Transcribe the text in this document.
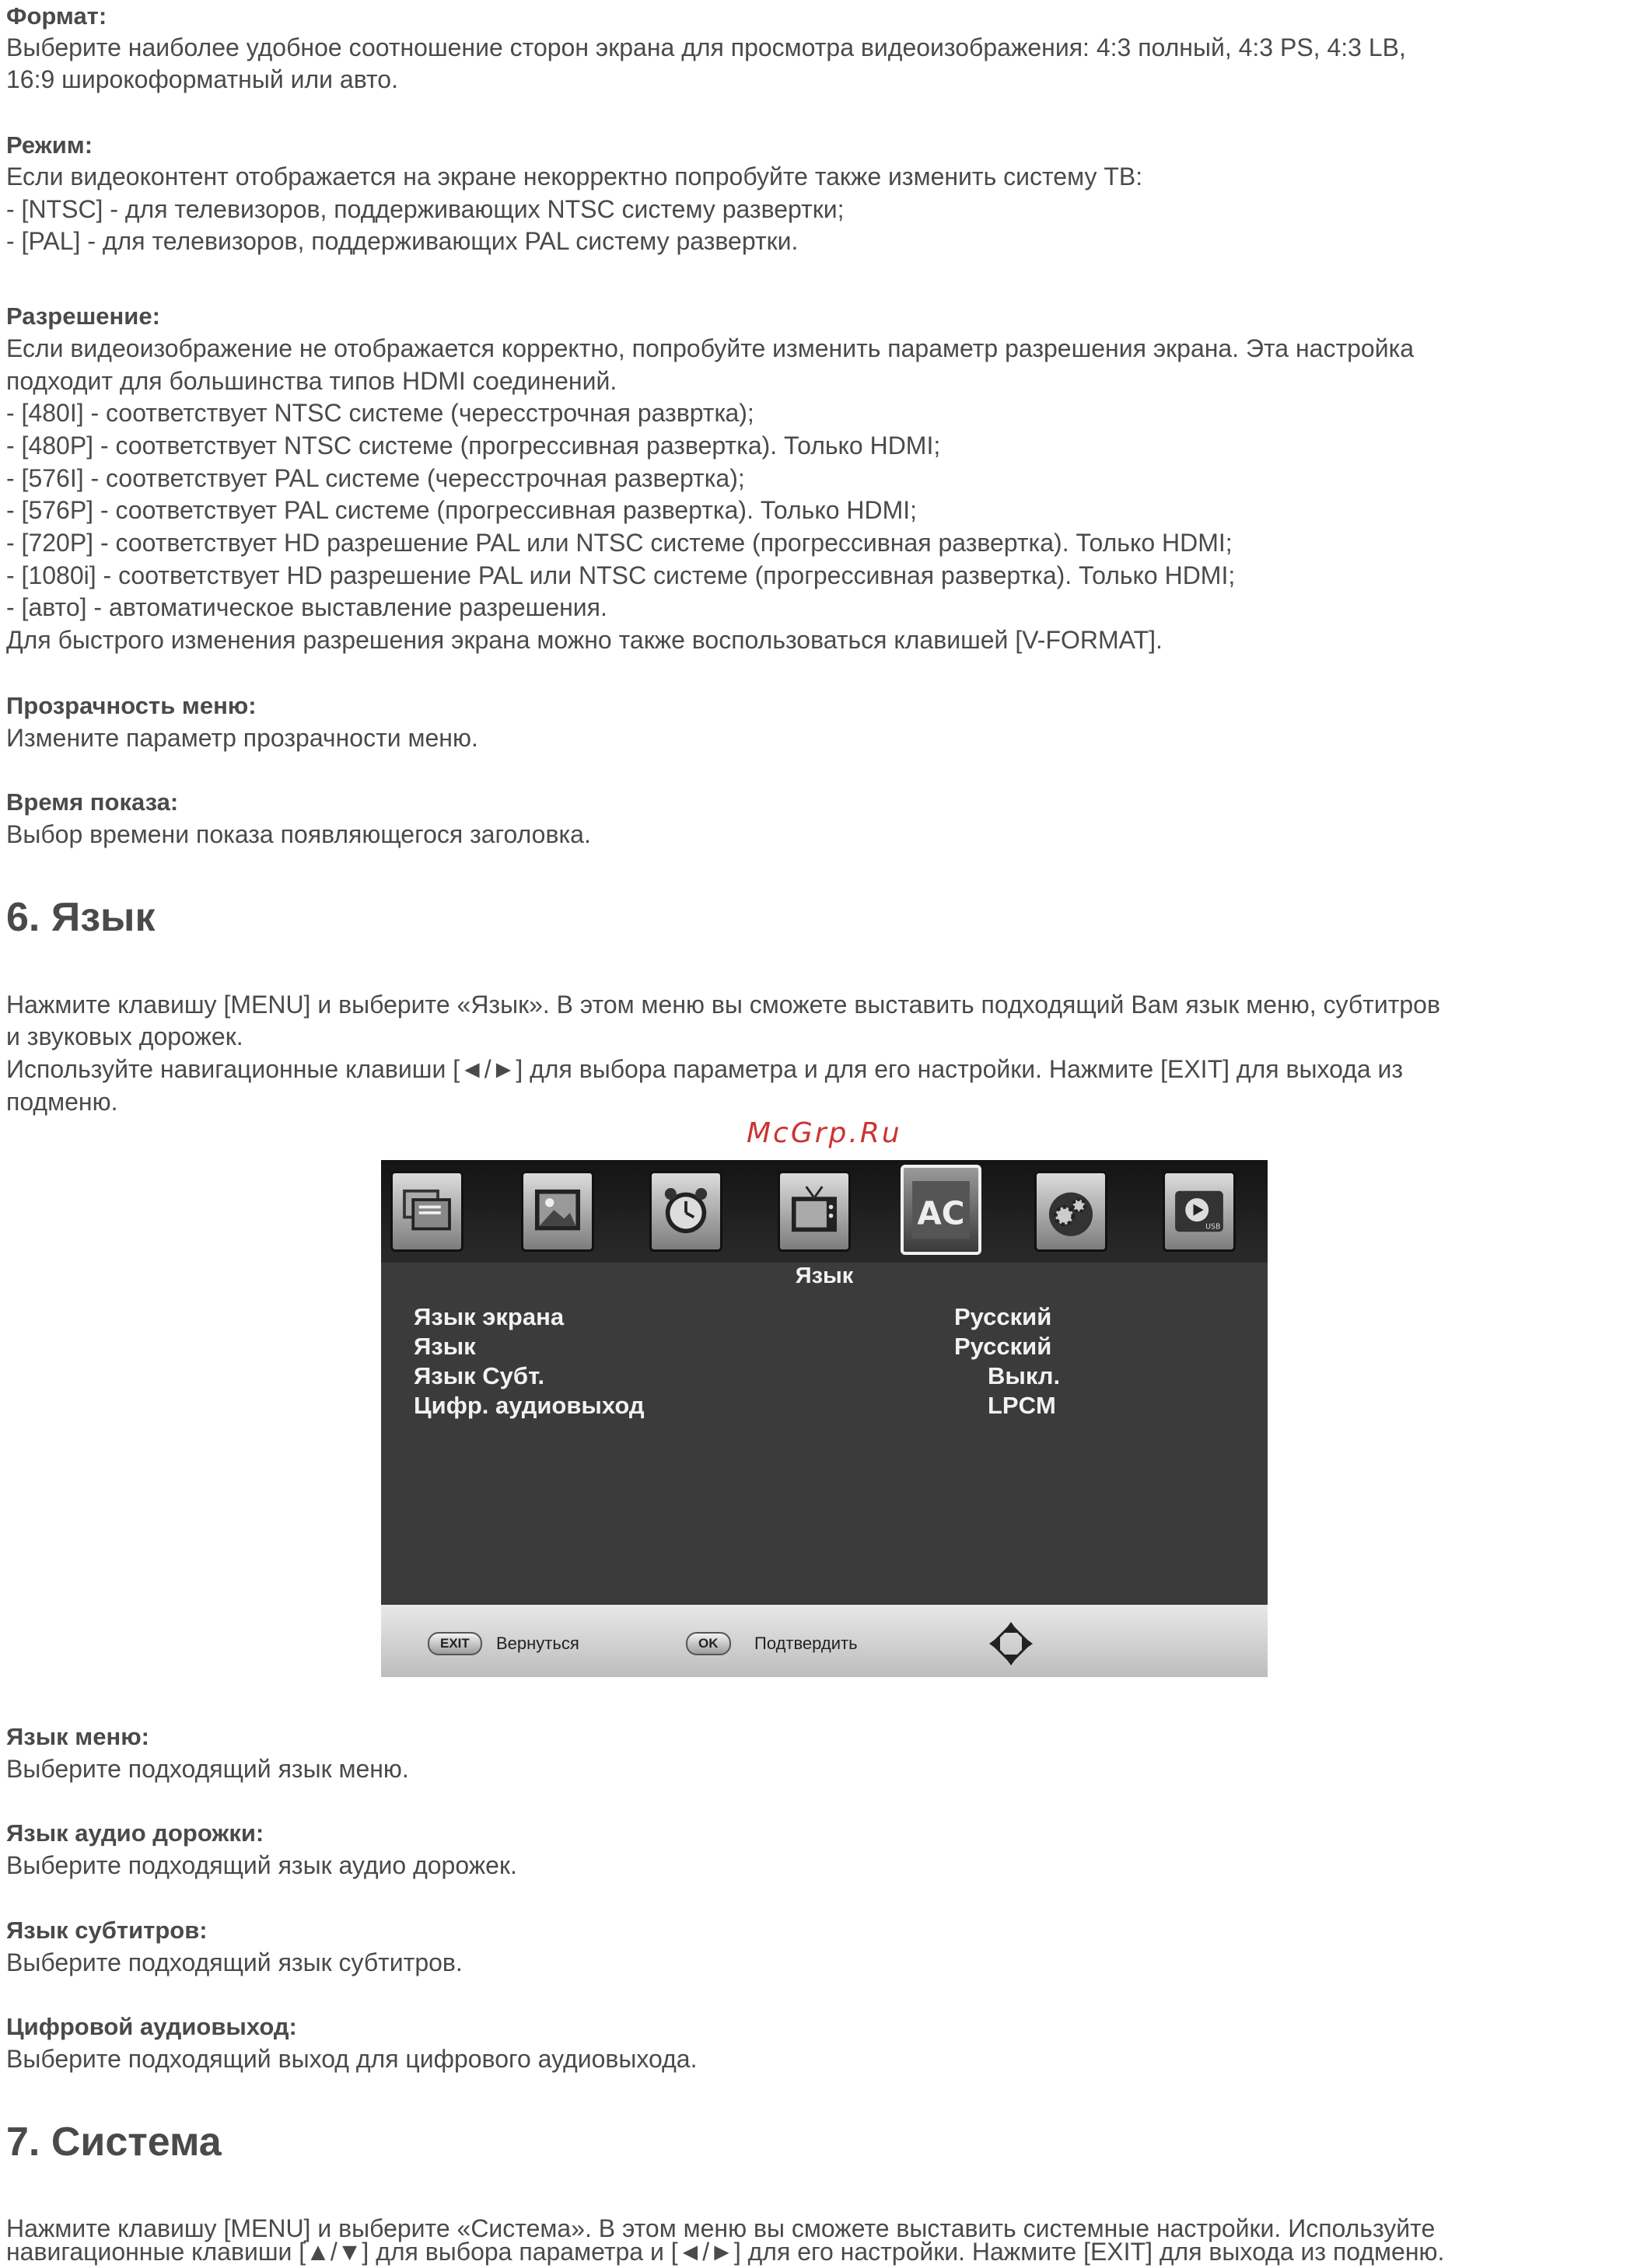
Формат:
Выберите наиболее удобное соотношение сторон экрана для просмотра видеоизображения: 4:3 полный, 4:3 PS, 4:3 LB,
16:9 широкоформатный или авто.
Режим:
Если видеоконтент отображается на экране некорректно попробуйте также изменить систему ТВ:
- [NTSC] - для телевизоров, поддерживающих NTSC систему развертки;
- [PAL] - для телевизоров, поддерживающих PAL систему развертки.
Разрешение:
Если видеоизображение не отображается корректно, попробуйте изменить параметр разрешения экрана. Эта настройка
подходит для большинства типов HDMI соединений.
- [480I] - соответствует NTSC системе (чересстрочная разврткa);
- [480P] - соответствует NTSC системе (прогрессивная развертка). Только HDMI;
- [576I] - соответствует PAL системе (чересстрочная развертка);
- [576P] - соответствует PAL системе (прогрессивная развертка). Только HDMI;
- [720P] - соответствует HD разрешение PAL или NTSC системе (прогрессивная развертка). Только HDMI;
- [1080i] - соответствует HD разрешение PAL или NTSC системе (прогрессивная развертка). Только HDMI;
- [авто] - автоматическое выставление разрешения.
Для быстрого изменения разрешения экрана можно также воспользоваться клавишей [V-FORMAT].
Прозрачность меню:
Измените параметр прозрачности меню.
Время показа:
Выбор времени показа появляющегося заголовка.
6. Язык
Нажмите клавишу [MENU] и выберите «Язык». В этом меню вы сможете выставить подходящий Вам язык меню, субтитров
и звуковых дорожек.
Используйте навигационные клавиши [◄/►] для выбора параметра и для его настройки. Нажмите [EXIT] для выхода из
подменю.
McGrp.Ru
AC	USB
Язык
Язык экрана	Русский
Язык	Русский
Язык Субт.	Выкл.
Цифр. аудиовыход	LPCM
EXIT	Вернуться	OK	Подтвердить
Язык меню:
Выберите подходящий язык меню.
Язык аудио дорожки:
Выберите подходящий язык аудио дорожек.
Язык субтитров:
Выберите подходящий язык субтитров.
Цифровой аудиовыход:
Выберите подходящий выход для цифрового аудиовыхода.
7. Система
Нажмите клавишу [MENU] и выберите «Система». В этом меню вы сможете выставить системные настройки. Используйте
навигационные клавиши [▲/▼] для выбора параметра и [◄/►] для его настройки. Нажмите [EXIT] для выхода из подменю.
